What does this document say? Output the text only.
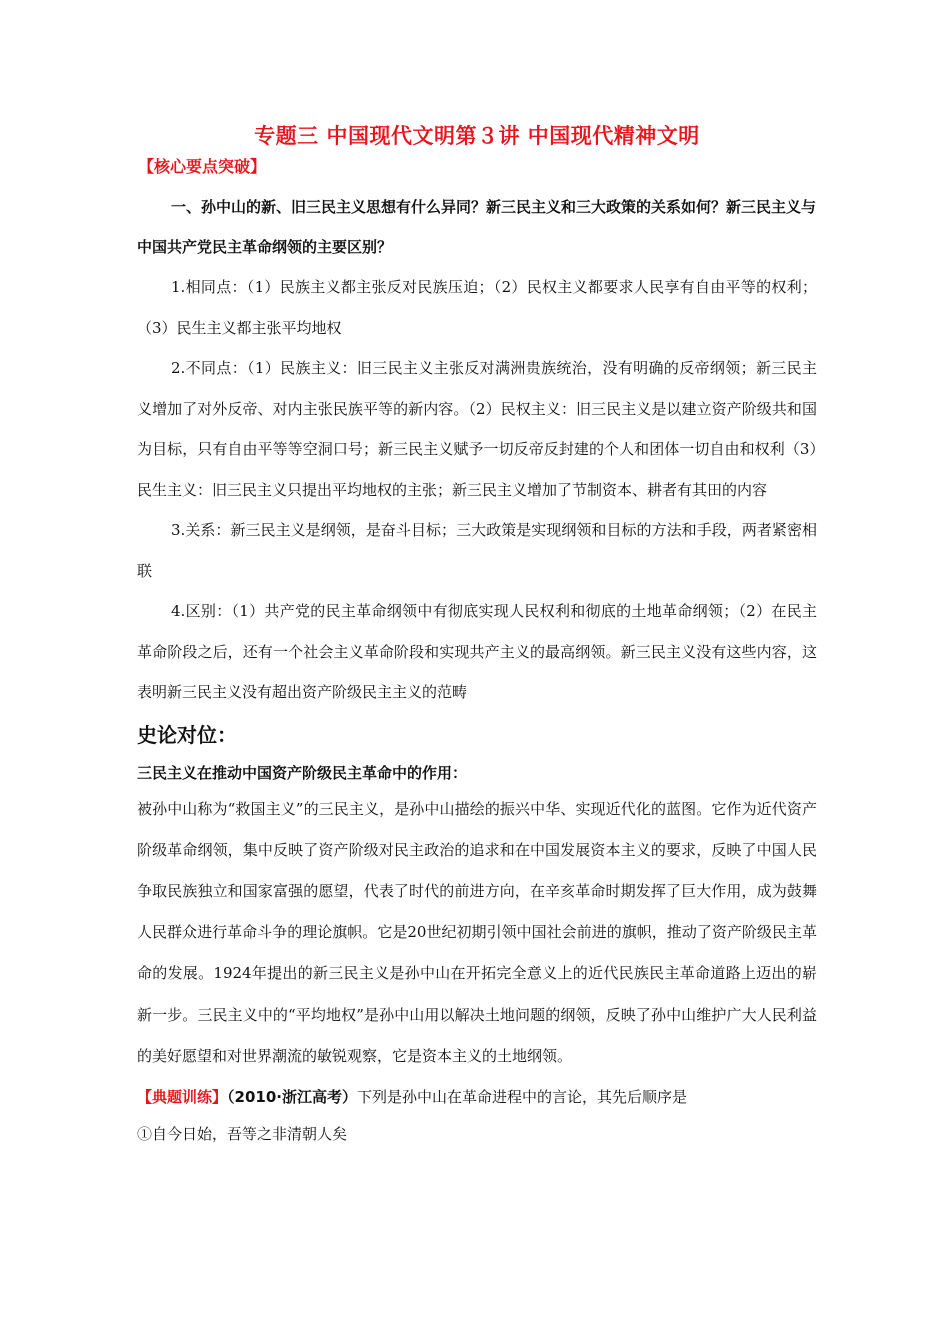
专题三 中国现代文明第３讲 中国现代精神文明

【核心要点突破】

一、孙中山的新、旧三民主义思想有什么异同？新三民主义和三大政策的关系如何？新三民主义与中国共产党民主革命纲领的主要区别？

1.相同点：（1）民族主义都主张反对民族压迫；（2）民权主义都要求人民享有自由平等的权利；（3）民生主义都主张平均地权

2.不同点：（1）民族主义：旧三民主义主张反对满洲贵族统治，没有明确的反帝纲领；新三民主义增加了对外反帝、对内主张民族平等的新内容。（2）民权主义：旧三民主义是以建立资产阶级共和国为目标，只有自由平等等空洞口号；新三民主义赋予一切反帝反封建的个人和团体一切自由和权利（3）民生主义：旧三民主义只提出平均地权的主张；新三民主义增加了节制资本、耕者有其田的内容

3.关系：新三民主义是纲领，是奋斗目标；三大政策是实现纲领和目标的方法和手段，两者紧密相联

4.区别：（1）共产党的民主革命纲领中有彻底实现人民权利和彻底的土地革命纲领；（2）在民主革命阶段之后，还有一个社会主义革命阶段和实现共产主义的最高纲领。新三民主义没有这些内容，这表明新三民主义没有超出资产阶级民主主义的范畴

史论对位：

三民主义在推动中国资产阶级民主革命中的作用：

被孙中山称为“救国主义”的三民主义，是孙中山描绘的振兴中华、实现近代化的蓝图。它作为近代资产阶级革命纲领，集中反映了资产阶级对民主政治的追求和在中国发展资本主义的要求，反映了中国人民争取民族独立和国家富强的愿望，代表了时代的前进方向，在辛亥革命时期发挥了巨大作用，成为鼓舞人民群众进行革命斗争的理论旗帜。它是20世纪初期引领中国社会前进的旗帜，推动了资产阶级民主革命的发展。1924年提出的新三民主义是孙中山在开拓完全意义上的近代民族民主革命道路上迈出的崭新一步。三民主义中的“平均地权”是孙中山用以解决土地问题的纲领，反映了孙中山维护广大人民利益的美好愿望和对世界潮流的敏锐观察，它是资本主义的土地纲领。

【典题训练】（2010·浙江高考）下列是孙中山在革命进程中的言论，其先后顺序是

①自今日始，吾等之非清朝人矣
